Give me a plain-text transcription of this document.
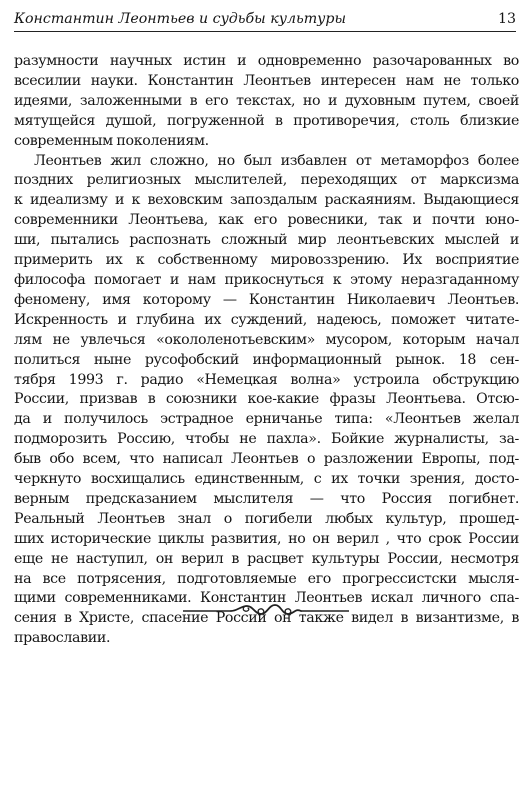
Константин Леонтьев и судьбы культуры	13
разумности научных истин и одновременно разочарованных во
всесилии науки. Константин Леонтьев интересен нам не только
идеями, заложенными в его текстах, но и духовным путем, своей
мятущейся душой, погруженной в противоречия, столь близкие
современным поколениям.
Леонтьев жил сложно, но был избавлен от метаморфоз более
поздних религиозных мыслителей, переходящих от марксизма
к идеализму и к веховским запоздалым раскаяниям. Выдающиеся
современники Леонтьева, как его ровесники, так и почти юно-
ши, пытались распознать сложный мир леонтьевских мыслей и
примерить их к собственному мировоззрению. Их восприятие
философа помогает и нам прикоснуться к этому неразгаданному
феномену, имя которому — Константин Николаевич Леонтьев.
Искренность и глубина их суждений, надеюсь, поможет читате-
лям не увлечься «окололенотьевским» мусором, которым начал
политься ныне русофобский информационный рынок. 18 сен-
тября 1993 г. радио «Немецкая волна» устроила обструкцию
России, призвав в союзники кое-какие фразы Леонтьева. Отсю-
да и получилось эстрадное ерничанье типа: «Леонтьев желал
подморозить Россию, чтобы не пахла». Бойкие журналисты, за-
быв обо всем, что написал Леонтьев о разложении Европы, под-
черкнуто восхищались единственным, с их точки зрения, досто-
верным предсказанием мыслителя — что Россия погибнет.
Реальный Леонтьев знал о погибели любых культур, прошед-
ших исторические циклы развития, но он верил , что срок России
еще не наступил, он верил в расцвет культуры России, несмотря
на все потрясения, подготовляемые его прогрессистски мысля-
щими современниками. Константин Леонтьев искал личного спа-
сения в Христе, спасение России он также видел в византизме, в
православии.
